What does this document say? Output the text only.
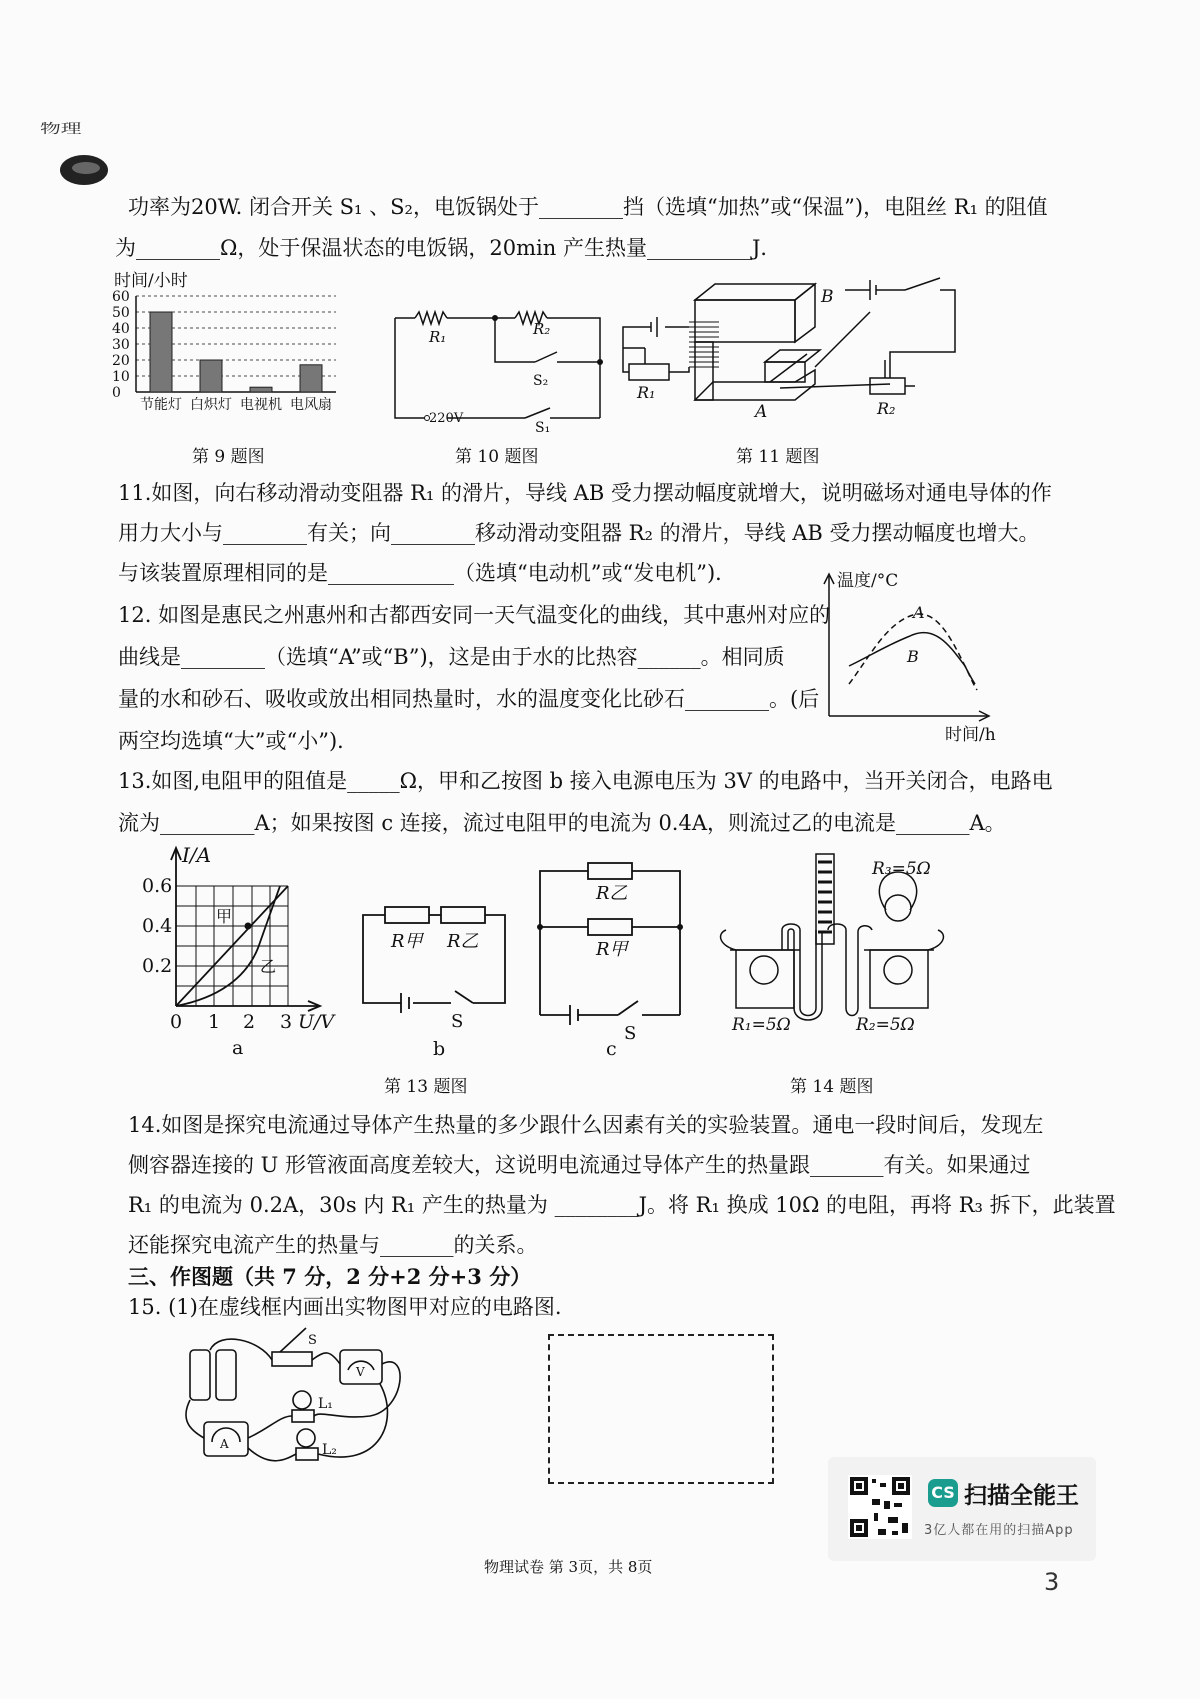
物理
功率为20W. 闭合开关 S₁ 、S₂，电饭锅处于________挡（选填“加热”或“保温”)，电阻丝 R₁ 的阻值
为________Ω，处于保温状态的电饭锅，20min 产生热量__________J．
时间/小时
60
50
40
30
20
10
0
节能灯 白炽灯 电视机 电风扇
第 9 题图
R₁	R₂
S₂
220V
S₁
第 10 题图
B
A
R₁
R₂
第 11 题图
11.如图，向右移动滑动变阻器 R₁ 的滑片，导线 AB 受力摆动幅度就增大，说明磁场对通电导体的作
用力大小与________有关；向________移动滑动变阻器 R₂ 的滑片，导线 AB 受力摆动幅度也增大。
与该装置原理相同的是____________（选填“电动机”或“发电机”)．
12. 如图是惠民之州惠州和古都西安同一天气温变化的曲线，其中惠州对应的
曲线是________（选填“A”或“B”)，这是由于水的比热容______。相同质
量的水和砂石、吸收或放出相同热量时，水的温度变化比砂石________。(后
两空均选填“大”或“小”)．
温度/°C
A
B
时间/h
13.如图,电阻甲的阻值是_____Ω，甲和乙按图 b 接入电源电压为 3V 的电路中，当开关闭合，电路电
流为_________A；如果按图 c 连接，流过电阻甲的电流为 0.4A，则流过乙的电流是_______A。
I/A
0.6
0.4
0.2
0 1 2 3 U/V
甲
乙
a
R甲 R乙
S
b
R乙
R甲
S
c
第 13 题图
R₃=5Ω
R₁=5Ω	R₂=5Ω
第 14 题图
14.如图是探究电流通过导体产生热量的多少跟什么因素有关的实验装置。通电一段时间后，发现左
侧容器连接的 U 形管液面高度差较大，这说明电流通过导体产生的热量跟_______有关。如果通过
R₁ 的电流为 0.2A，30s 内 R₁ 产生的热量为 ________J。将 R₁ 换成 10Ω 的电阻，再将 R₃ 拆下，此装置
还能探究电流产生的热量与_______的关系。
三、作图题（共 7 分，2 分+2 分+3 分）
15. (1)在虚线框内画出实物图甲对应的电路图.
S
V
A
L₁
L₂
物理试卷 第 3页，共 8页
CS 扫描全能王
3亿人都在用的扫描App
3
